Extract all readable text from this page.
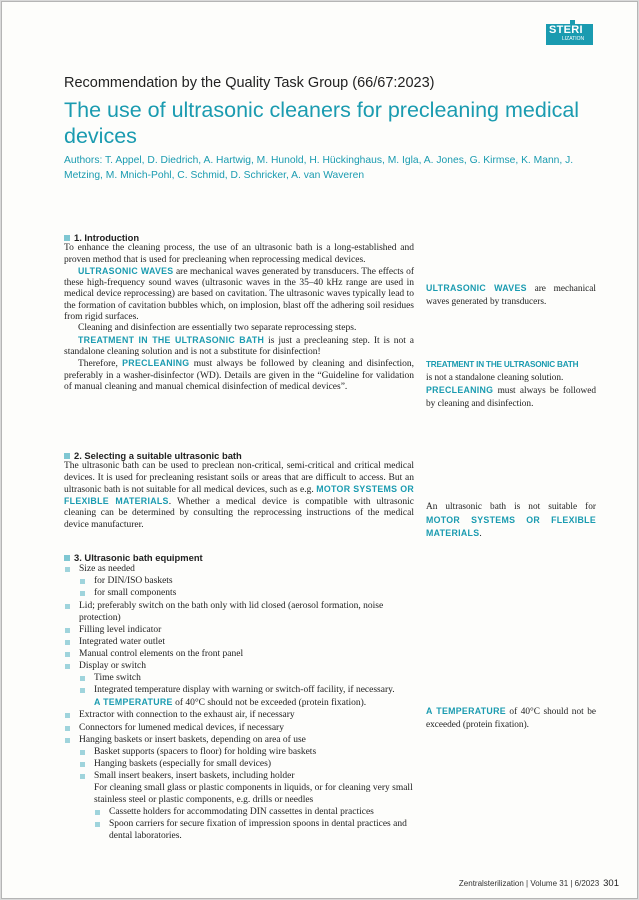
STERI
LIZATION
Recommendation by the Quality Task Group (66/67:2023)
The use of ultrasonic cleaners for precleaning medical devices
Authors: T. Appel, D. Diedrich, A. Hartwig, M. Hunold, H. Hückinghaus, M. Igla, A. Jones, G. Kirmse, K. Mann, J. Metzing, M. Mnich-Pohl, C. Schmid, D. Schricker, A. van Waveren
1. Introduction

To enhance the cleaning process, the use of an ultrasonic bath is a long-established and proven method that is used for precleaning when reprocessing medical devices.

ULTRASONIC WAVES are mechanical waves generated by transducers. The effects of these high-frequency sound waves (ultrasonic waves in the 35–40 kHz range are used in medical device reprocessing) are based on cavitation. The ultrasonic waves typically lead to the formation of cavitation bubbles which, on implosion, blast off the adhering soil residues from rigid surfaces.

Cleaning and disinfection are essentially two separate reprocessing steps.

TREATMENT IN THE ULTRASONIC BATH is just a precleaning step. It is not a standalone cleaning solution and is not a substitute for disinfection!

Therefore, PRECLEANING must always be followed by cleaning and disinfection, preferably in a washer-disinfector (WD). Details are given in the “Guideline for validation of manual cleaning and manual chemical disinfection of medical devices”.

2. Selecting a suitable ultrasonic bath

The ultrasonic bath can be used to preclean non-critical, semi-critical and critical medical devices. It is used for precleaning resistant soils or areas that are difficult to access. But an ultrasonic bath is not suitable for all medical devices, such as e.g. MOTOR SYSTEMS OR FLEXIBLE MATERIALS. Whether a medical device is compatible with ultrasonic cleaning can be determined by consulting the reprocessing instructions of the medical device manufacturer.

3. Ultrasonic bath equipment
Size as needed
for DIN/ISO baskets
for small components
Lid; preferably switch on the bath only with lid closed (aerosol formation, noise protection)
Filling level indicator
Integrated water outlet
Manual control elements on the front panel
Display or switch
Time switch
Integrated temperature display with warning or switch-off facility, if necessary.
A TEMPERATURE of 40°C should not be exceeded (protein fixation).
Extractor with connection to the exhaust air, if necessary
Connectors for lumened medical devices, if necessary
Hanging baskets or insert baskets, depending on area of use
Basket supports (spacers to floor) for holding wire baskets
Hanging baskets (especially for small devices)
Small insert beakers, insert baskets, including holder
For cleaning small glass or plastic components in liquids, or for cleaning very small stainless steel or plastic components, e.g. drills or needles
Cassette holders for accommodating DIN cassettes in dental practices
Spoon carriers for secure fixation of impression spoons in dental practices and dental laboratories.
ULTRASONIC WAVES are mechanical waves generated by transducers.
TREATMENT IN THE ULTRASONIC BATH
is not a standalone cleaning solution.
PRECLEANING must always be followed by cleaning and disinfection.
An ultrasonic bath is not suitable for MOTOR SYSTEMS OR FLEXIBLE MATERIALS.
A TEMPERATURE of 40°C should not be exceeded (protein fixation).
Zentralsterilization | Volume 31 | 6/2023 301
